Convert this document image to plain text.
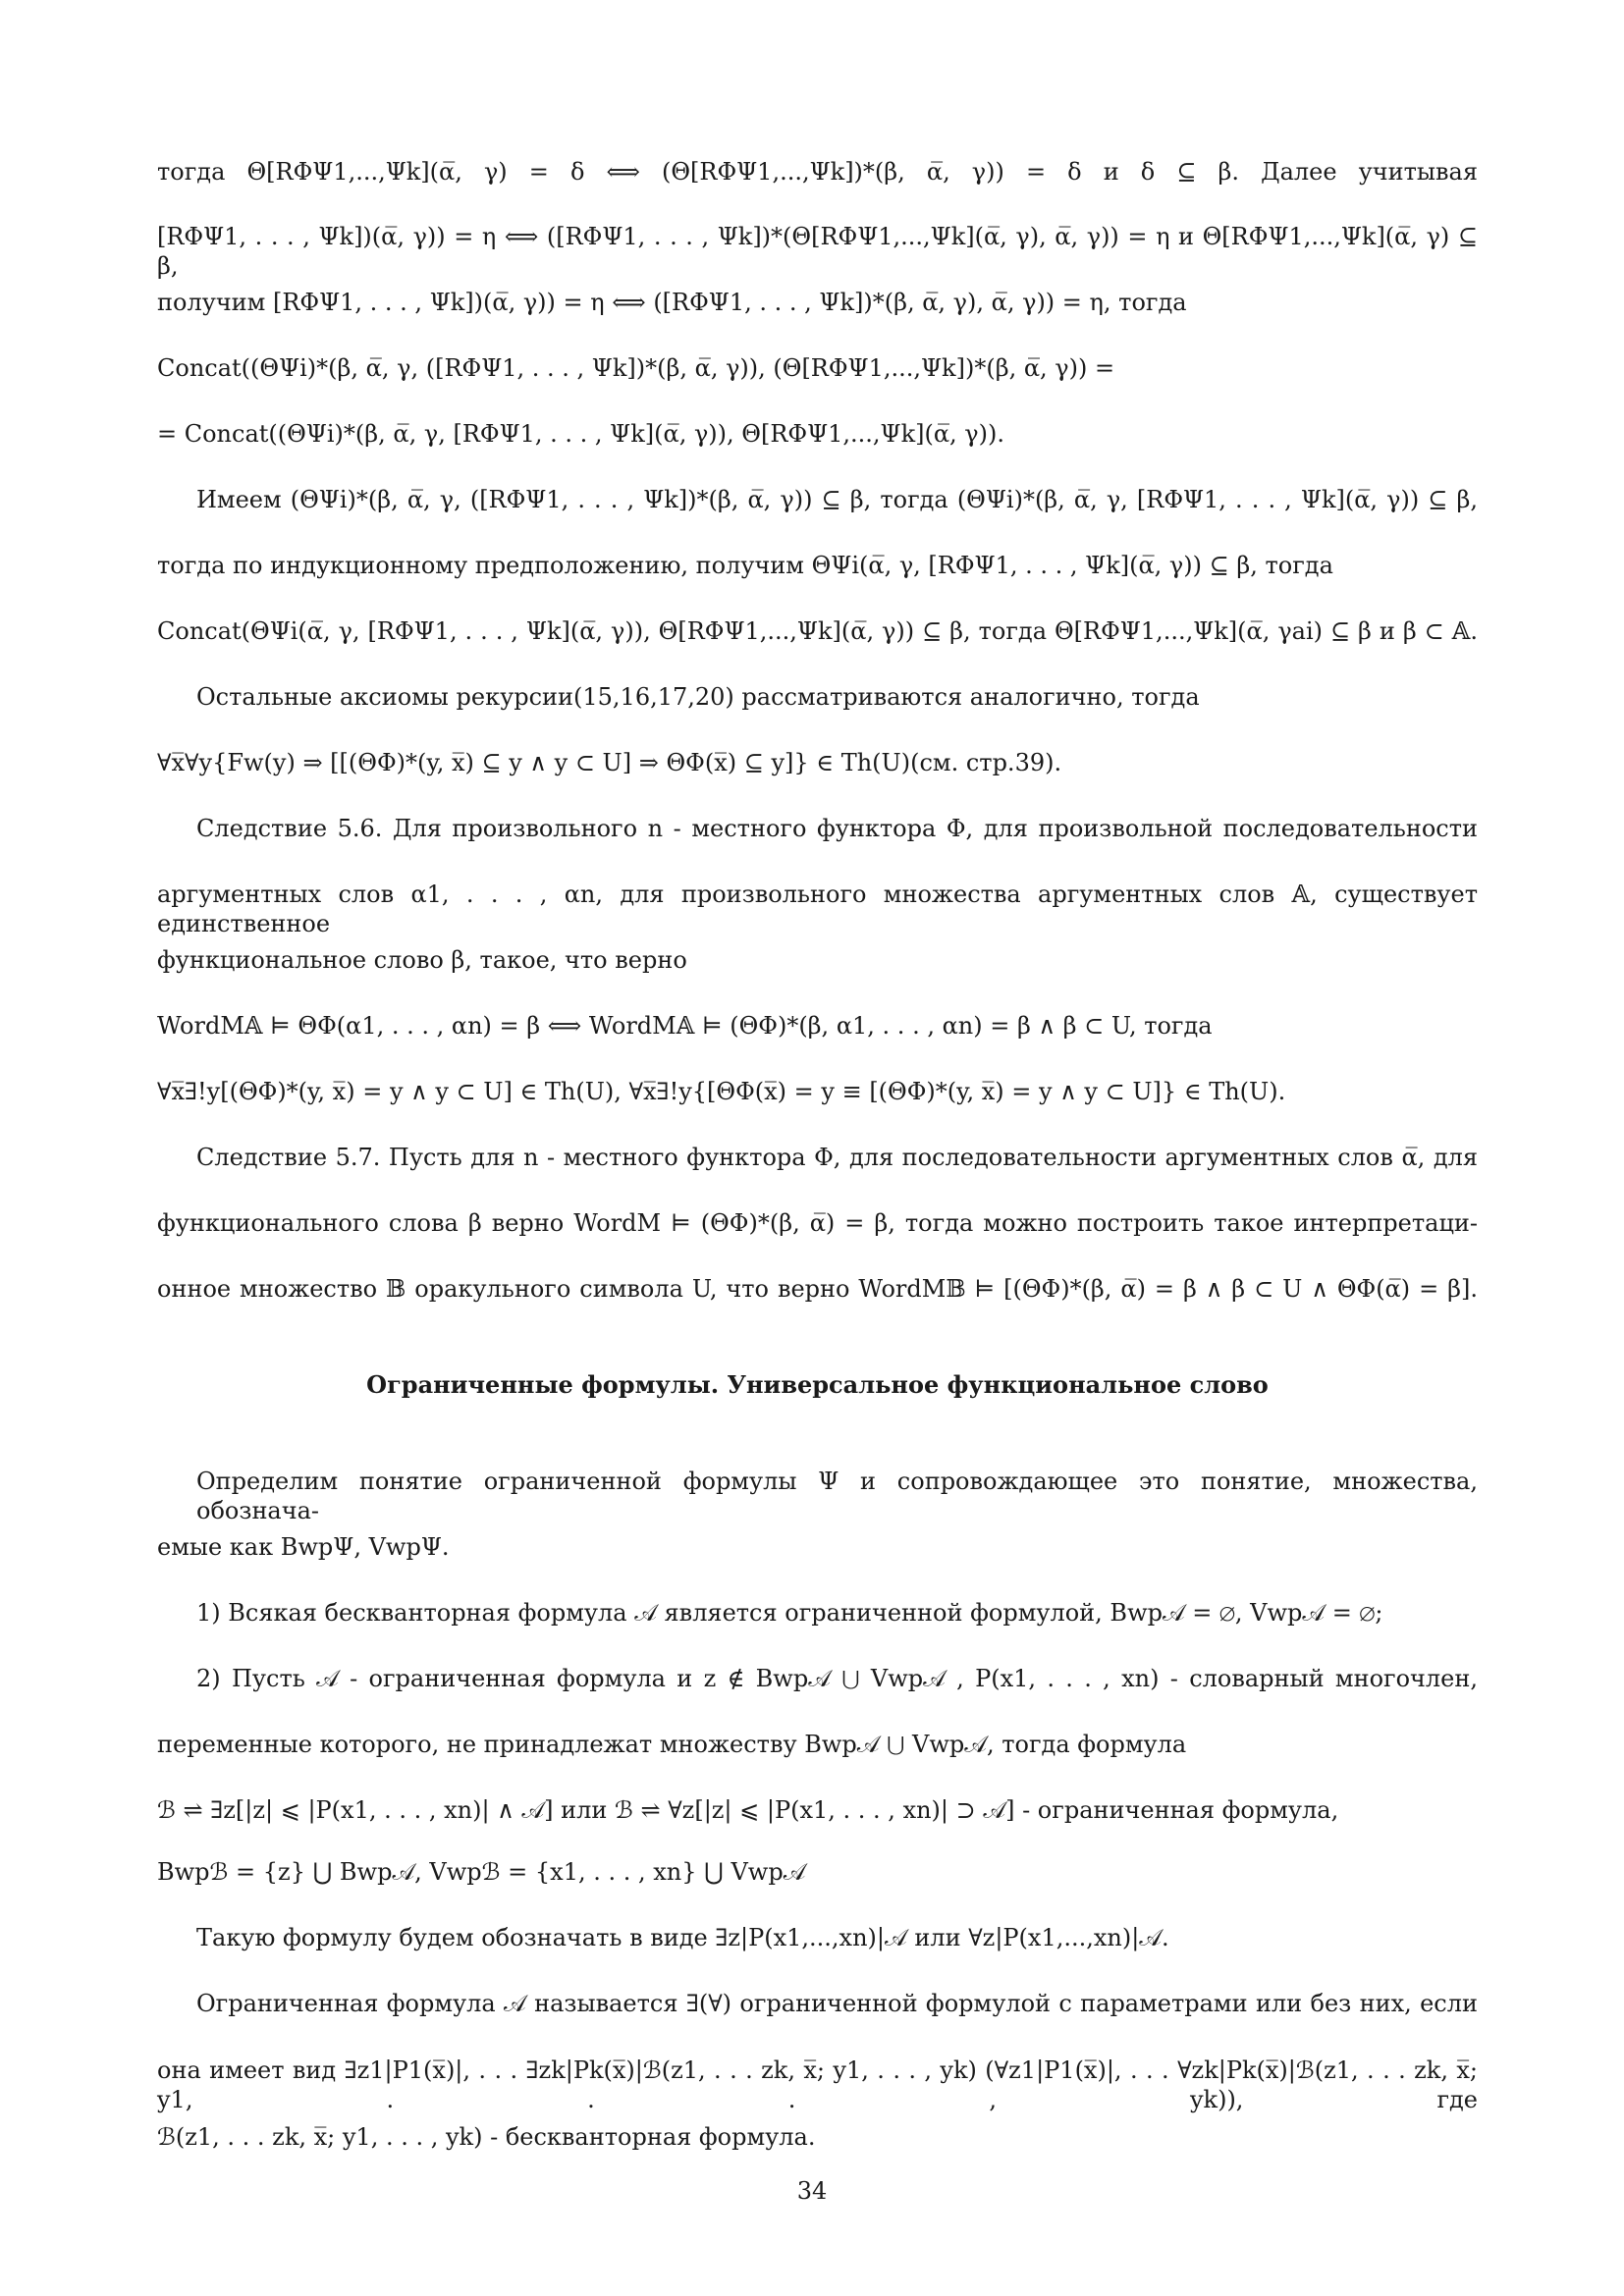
тогда Θ[RΦΨ1,...,Ψk](α̅, γ) = δ ⟺ (Θ[RΦΨ1,...,Ψk])*(β, α̅, γ)) = δ и δ ⊆ β. Далее учитывая
[RΦΨ1, . . . , Ψk])(α̅, γ)) = η ⟺ ([RΦΨ1, . . . , Ψk])*(Θ[RΦΨ1,...,Ψk](α̅, γ), α̅, γ)) = η и Θ[RΦΨ1,...,Ψk](α̅, γ) ⊆ β,
получим [RΦΨ1, . . . , Ψk])(α̅, γ)) = η ⟺ ([RΦΨ1, . . . , Ψk])*(β, α̅, γ), α̅, γ)) = η, тогда
Concat((ΘΨi)*(β, α̅, γ, ([RΦΨ1, . . . , Ψk])*(β, α̅, γ)), (Θ[RΦΨ1,...,Ψk])*(β, α̅, γ)) =
= Concat((ΘΨi)*(β, α̅, γ, [RΦΨ1, . . . , Ψk](α̅, γ)), Θ[RΦΨ1,...,Ψk](α̅, γ)).
Имеем (ΘΨi)*(β, α̅, γ, ([RΦΨ1, . . . , Ψk])*(β, α̅, γ)) ⊆ β, тогда (ΘΨi)*(β, α̅, γ, [RΦΨ1, . . . , Ψk](α̅, γ)) ⊆ β,
тогда по индукционному предположению, получим ΘΨi(α̅, γ, [RΦΨ1, . . . , Ψk](α̅, γ)) ⊆ β, тогда
Concat(ΘΨi(α̅, γ, [RΦΨ1, . . . , Ψk](α̅, γ)), Θ[RΦΨ1,...,Ψk](α̅, γ)) ⊆ β, тогда Θ[RΦΨ1,...,Ψk](α̅, γai) ⊆ β и β ⊂ 𝔸.
Остальные аксиомы рекурсии(15,16,17,20) рассматриваются аналогично, тогда
∀x̅∀y{Fw(y) ⇒ [[(ΘΦ)*(y, x̅) ⊆ y ∧ y ⊂ U] ⇒ ΘΦ(x̅) ⊆ y]} ∈ Th(U)(см. стр.39).
Следствие 5.6. Для произвольного n - местного функтора Φ, для произвольной последовательности
аргументных слов α1, . . . , αn, для произвольного множества аргументных слов 𝔸, существует единственное
функциональное слово β, такое, что верно
WordM𝔸 ⊨ ΘΦ(α1, . . . , αn) = β ⟺ WordM𝔸 ⊨ (ΘΦ)*(β, α1, . . . , αn) = β ∧ β ⊂ U, тогда
∀x̅∃!y[(ΘΦ)*(y, x̅) = y ∧ y ⊂ U] ∈ Th(U), ∀x̅∃!y{[ΘΦ(x̅) = y ≡ [(ΘΦ)*(y, x̅) = y ∧ y ⊂ U]} ∈ Th(U).
Следствие 5.7. Пусть для n - местного функтора Φ, для последовательности аргументных слов α̅, для
функционального слова β верно WordM ⊨ (ΘΦ)*(β, α̅) = β, тогда можно построить такое интерпретаци-
онное множество 𝔹 оракульного символа U, что верно WordM𝔹 ⊨ [(ΘΦ)*(β, α̅) = β ∧ β ⊂ U ∧ ΘΦ(α̅) = β].
Ограниченные формулы. Универсальное функциональное слово
Определим понятие ограниченной формулы Ψ и сопровождающее это понятие, множества, обознача-
емые как BwpΨ, VwpΨ.
1) Всякая бескванторная формула 𝒜 является ограниченной формулой, Bwp𝒜 = ∅, Vwp𝒜 = ∅;
2) Пусть 𝒜 - ограниченная формула и z ∉ Bwp𝒜 ⋃ Vwp𝒜 , P(x1, . . . , xn) - словарный многочлен,
переменные которого, не принадлежат множеству Bwp𝒜 ⋃ Vwp𝒜, тогда формула
ℬ ⇌ ∃z[|z| ⩽ |P(x1, . . . , xn)| ∧ 𝒜] или ℬ ⇌ ∀z[|z| ⩽ |P(x1, . . . , xn)| ⊃ 𝒜] - ограниченная формула,
Bwpℬ = {z} ⋃ Bwp𝒜, Vwpℬ = {x1, . . . , xn} ⋃ Vwp𝒜
Такую формулу будем обозначать в виде ∃z|P(x1,...,xn)|𝒜 или ∀z|P(x1,...,xn)|𝒜.
Ограниченная формула 𝒜 называется ∃(∀) ограниченной формулой с параметрами или без них, если
она имеет вид ∃z1|P1(x̅)|, . . . ∃zk|Pk(x̅)|ℬ(z1, . . . zk, x̅; y1, . . . , yk) (∀z1|P1(x̅)|, . . . ∀zk|Pk(x̅)|ℬ(z1, . . . zk, x̅; y1, . . . , yk)), где
ℬ(z1, . . . zk, x̅; y1, . . . , yk) - бескванторная формула.
34
